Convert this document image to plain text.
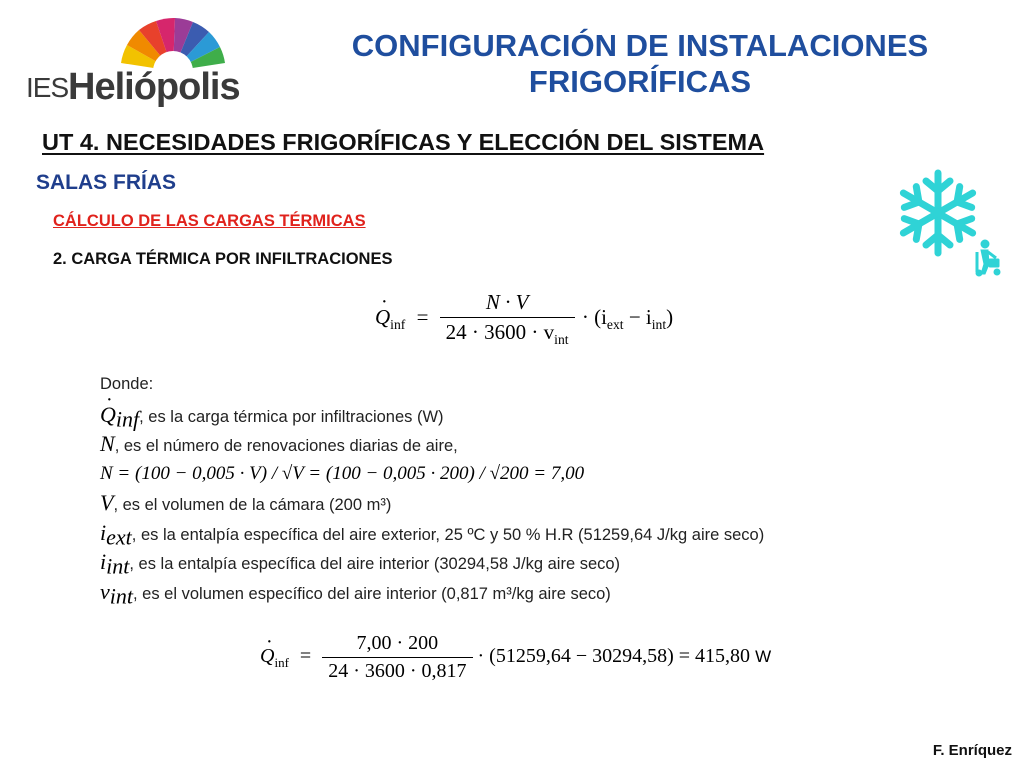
IES Heliópolis
CONFIGURACIÓN DE INSTALACIONES
FRIGORÍFICAS
UT 4. NECESIDADES FRIGORÍFICAS Y ELECCIÓN DEL SISTEMA
SALAS FRÍAS
CÁLCULO DE LAS CARGAS TÉRMICAS
2. CARGA TÉRMICA POR INFILTRACIONES
· $Q_{inf} = \frac{N \cdot V}{24 \cdot 3600 \cdot v_{int}} \cdot (i_{ext} - i_{int})$
Donde:
· $Q_{inf}$, es la carga térmica por infiltraciones (W)
N, es el número de renovaciones diarias de aire,
N = (100 − 0,005 · V) / √V = (100 − 0,005 · 200) / √200 = 7,00
V, es el volumen de la cámara (200 m³)
$i_{ext}$, es la entalpía específica del aire exterior, 25 ºC y 50 % H.R (51259,64 J/kg aire seco)
$i_{int}$, es la entalpía específica del aire interior (30294,58 J/kg aire seco)
$v_{int}$, es el volumen específico del aire interior (0,817 m³/kg aire seco)
· $Q_{inf} = \frac{7,00 \cdot 200}{24 \cdot 3600 \cdot 0,817} \cdot (51259,64 - 30294,58) = 415,80$ W
F. Enríquez
